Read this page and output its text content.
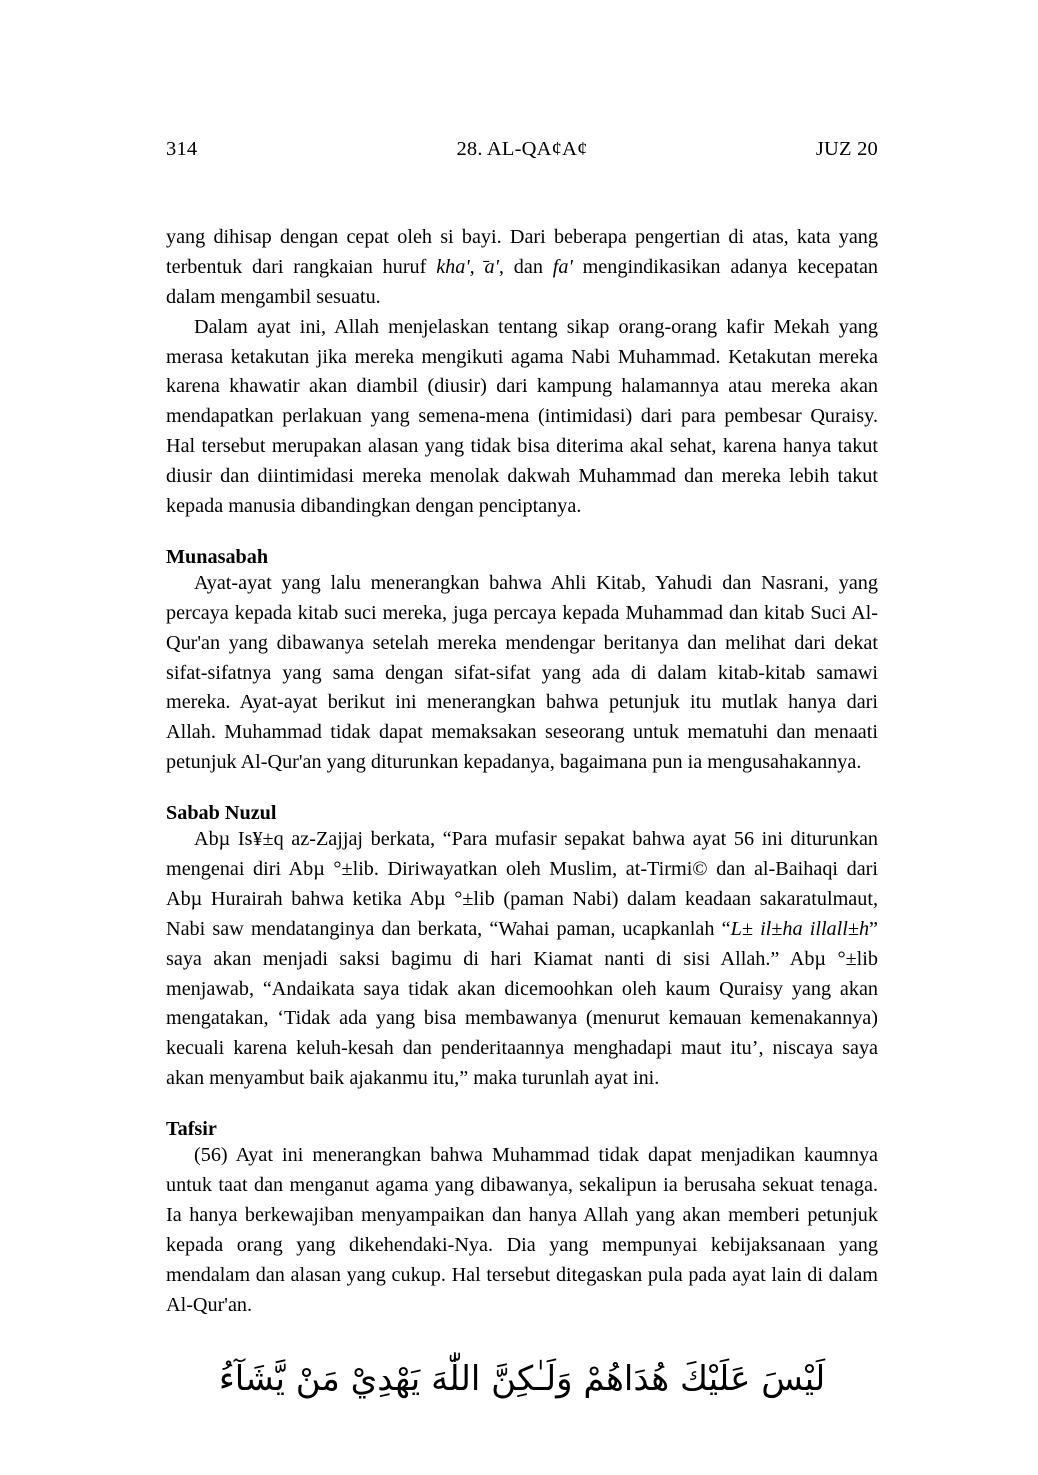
314	28. AL-QA¢A¢	JUZ 20

yang dihisap dengan cepat oleh si bayi. Dari beberapa pengertian di atas, kata yang terbentuk dari rangkaian huruf kha', ̄a', dan fa' mengindikasikan adanya kecepatan dalam mengambil sesuatu.

Dalam ayat ini, Allah menjelaskan tentang sikap orang-orang kafir Mekah yang merasa ketakutan jika mereka mengikuti agama Nabi Muhammad. Ketakutan mereka karena khawatir akan diambil (diusir) dari kampung halamannya atau mereka akan mendapatkan perlakuan yang semena-mena (intimidasi) dari para pembesar Quraisy. Hal tersebut merupakan alasan yang tidak bisa diterima akal sehat, karena hanya takut diusir dan diintimidasi mereka menolak dakwah Muhammad dan mereka lebih takut kepada manusia dibandingkan dengan penciptanya.

Munasabah

Ayat-ayat yang lalu menerangkan bahwa Ahli Kitab, Yahudi dan Nasrani, yang percaya kepada kitab suci mereka, juga percaya kepada Muhammad dan kitab Suci Al-Qur'an yang dibawanya setelah mereka mendengar beritanya dan melihat dari dekat sifat-sifatnya yang sama dengan sifat-sifat yang ada di dalam kitab-kitab samawi mereka. Ayat-ayat berikut ini menerangkan bahwa petunjuk itu mutlak hanya dari Allah. Muhammad tidak dapat memaksakan seseorang untuk mematuhi dan menaati petunjuk Al-Qur'an yang diturunkan kepadanya, bagaimana pun ia mengusahakannya.

Sabab Nuzul

Abµ Is¥±q az-Zajjaj berkata, “Para mufasir sepakat bahwa ayat 56 ini diturunkan mengenai diri Abµ °±lib. Diriwayatkan oleh Muslim, at-Tirmi© dan al-Baihaqi dari Abµ Hurairah bahwa ketika Abµ °±lib (paman Nabi) dalam keadaan sakaratulmaut, Nabi saw mendatanginya dan berkata, “Wahai paman, ucapkanlah “L± il±ha illall±h” saya akan menjadi saksi bagimu di hari Kiamat nanti di sisi Allah.” Abµ °±lib menjawab, “Andaikata saya tidak akan dicemoohkan oleh kaum Quraisy yang akan mengatakan, ‘Tidak ada yang bisa membawanya (menurut kemauan kemenakannya) kecuali karena keluh-kesah dan penderitaannya menghadapi maut itu’, niscaya saya akan menyambut baik ajakanmu itu,” maka turunlah ayat ini.

Tafsir

(56) Ayat ini menerangkan bahwa Muhammad tidak dapat menjadikan kaumnya untuk taat dan menganut agama yang dibawanya, sekalipun ia berusaha sekuat tenaga. Ia hanya berkewajiban menyampaikan dan hanya Allah yang akan memberi petunjuk kepada orang yang dikehendaki-Nya. Dia yang mempunyai kebijaksanaan yang mendalam dan alasan yang cukup. Hal tersebut ditegaskan pula pada ayat lain di dalam Al-Qur'an.

لَيْسَ عَلَيْكَ هُدَاهُمْ وَلَـٰكِنَّ اللّٰهَ يَهْدِيْ مَنْ يَّشَآءُ
